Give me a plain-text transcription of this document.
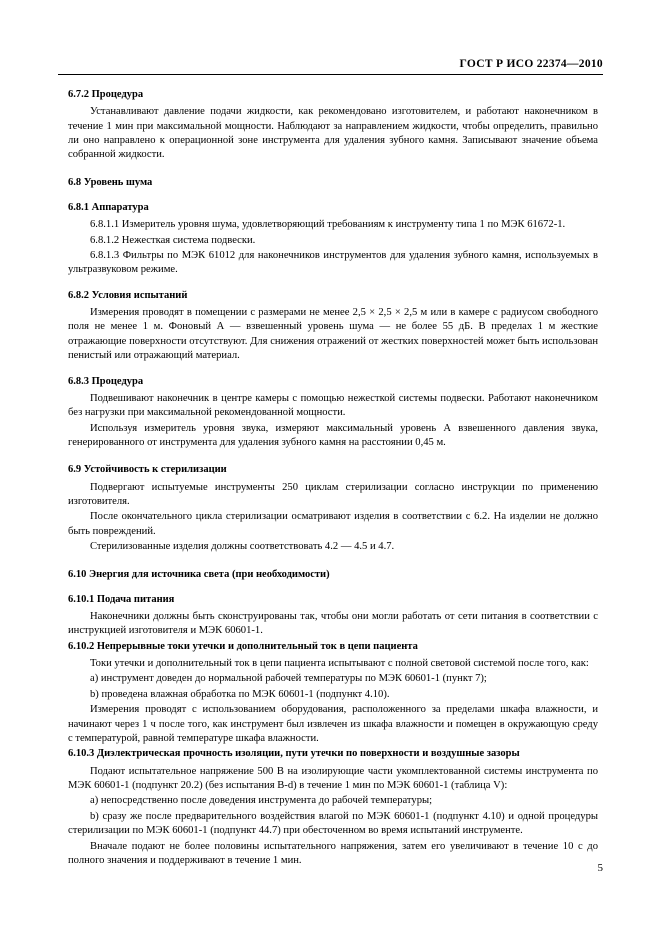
ГОСТ Р ИСО 22374—2010
6.7.2 Процедура

Устанавливают давление подачи жидкости, как рекомендовано изготовителем, и работают наконечником в течение 1 мин при максимальной мощности. Наблюдают за направлением жидкости, чтобы определить, правильно ли оно направлено к операционной зоне инструмента для удаления зубного камня. Записывают значение объема собранной жидкости.

6.8 Уровень шума
6.8.1 Аппаратура

6.8.1.1 Измеритель уровня шума, удовлетворяющий требованиям к инструменту типа 1 по МЭК 61672-1.

6.8.1.2 Нежесткая система подвески.

6.8.1.3 Фильтры по МЭК 61012 для наконечников инструментов для удаления зубного камня, используемых в ультразвуковом режиме.

6.8.2 Условия испытаний

Измерения проводят в помещении с размерами не менее 2,5 × 2,5 × 2,5 м или в камере с радиусом свободного поля не менее 1 м. Фоновый А — взвешенный уровень шума — не более 55 дБ. В пределах 1 м жесткие отражающие поверхности отсутствуют. Для снижения отражений от жестких поверхностей может быть использован пенистый или отражающий материал.

6.8.3 Процедура

Подвешивают наконечник в центре камеры с помощью нежесткой системы подвески. Работают наконечником без нагрузки при максимальной рекомендованной мощности.

Используя измеритель уровня звука, измеряют максимальный уровень А взвешенного давления звука, генерированного от инструмента для удаления зубного камня на расстоянии 0,45 м.

6.9 Устойчивость к стерилизации

Подвергают испытуемые инструменты 250 циклам стерилизации согласно инструкции по применению изготовителя.

После окончательного цикла стерилизации осматривают изделия в соответствии с 6.2. На изделии не должно быть повреждений.

Стерилизованные изделия должны соответствовать 4.2 — 4.5 и 4.7.

6.10 Энергия для источника света (при необходимости)
6.10.1 Подача питания

Наконечники должны быть сконструированы так, чтобы они могли работать от сети питания в соответствии с инструкцией изготовителя и МЭК 60601-1.

6.10.2 Непрерывные токи утечки и дополнительный ток в цепи пациента

Токи утечки и дополнительный ток в цепи пациента испытывают с полной световой системой после того, как:

a) инструмент доведен до нормальной рабочей температуры по МЭК 60601-1 (пункт 7);

b) проведена влажная обработка по МЭК 60601-1 (подпункт 4.10).

Измерения проводят с использованием оборудования, расположенного за пределами шкафа влажности, и начинают через 1 ч после того, как инструмент был извлечен из шкафа влажности и помещен в окружающую среду с температурой, равной температуре шкафа влажности.

6.10.3 Диэлектрическая прочность изоляции, пути утечки по поверхности и воздушные зазоры

Подают испытательное напряжение 500 В на изолирующие части укомплектованной системы инструмента по МЭК 60601-1 (подпункт 20.2) (без испытания B-d) в течение 1 мин по МЭК 60601-1 (таблица V):

a) непосредственно после доведения инструмента до рабочей температуры;

b) сразу же после предварительного воздействия влагой по МЭК 60601-1 (подпункт 4.10) и одной процедуры стерилизации по МЭК 60601-1 (подпункт 44.7) при обесточенном во время испытаний инструменте.

Вначале подают не более половины испытательного напряжения, затем его увеличивают в течение 10 с до полного значения и поддерживают в течение 1 мин.

5
